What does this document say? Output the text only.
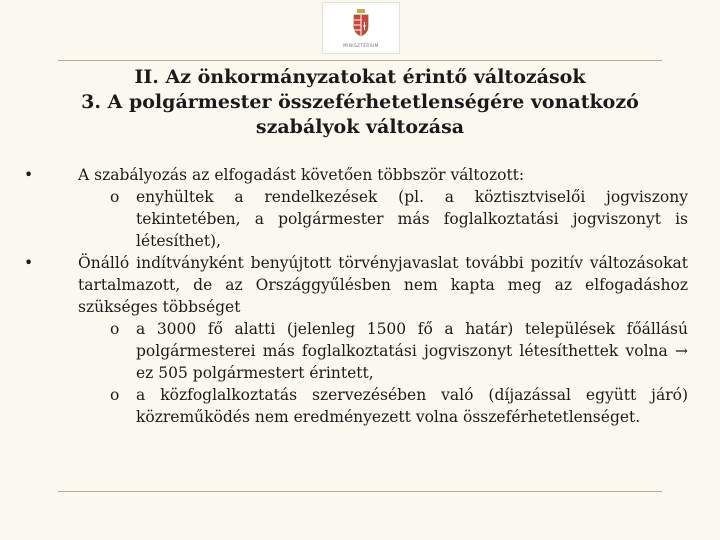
MINISZTÉRIUM
II. Az önkormányzatokat érintő változások
3. A polgármester összeférhetetlenségére vonatkozó
szabályok változása
•	A szabályozás az elfogadást követően többször változott:
o enyhültek a rendelkezések (pl. a köztisztviselői jogviszony tekintetében, a polgármester más foglalkoztatási jogviszonyt is létesíthet),
•	Önálló indítványként benyújtott törvényjavaslat további pozitív változásokat tartalmazott, de az Országgyűlésben nem kapta meg az elfogadáshoz szükséges többséget
o a 3000 fő alatti (jelenleg 1500 fő a határ) települések főállású polgármesterei más foglalkoztatási jogviszonyt létesíthettek volna → ez 505 polgármestert érintett,
o a közfoglalkoztatás szervezésében való (díjazással együtt járó) közreműködés nem eredményezett volna összeférhetetlenséget.
